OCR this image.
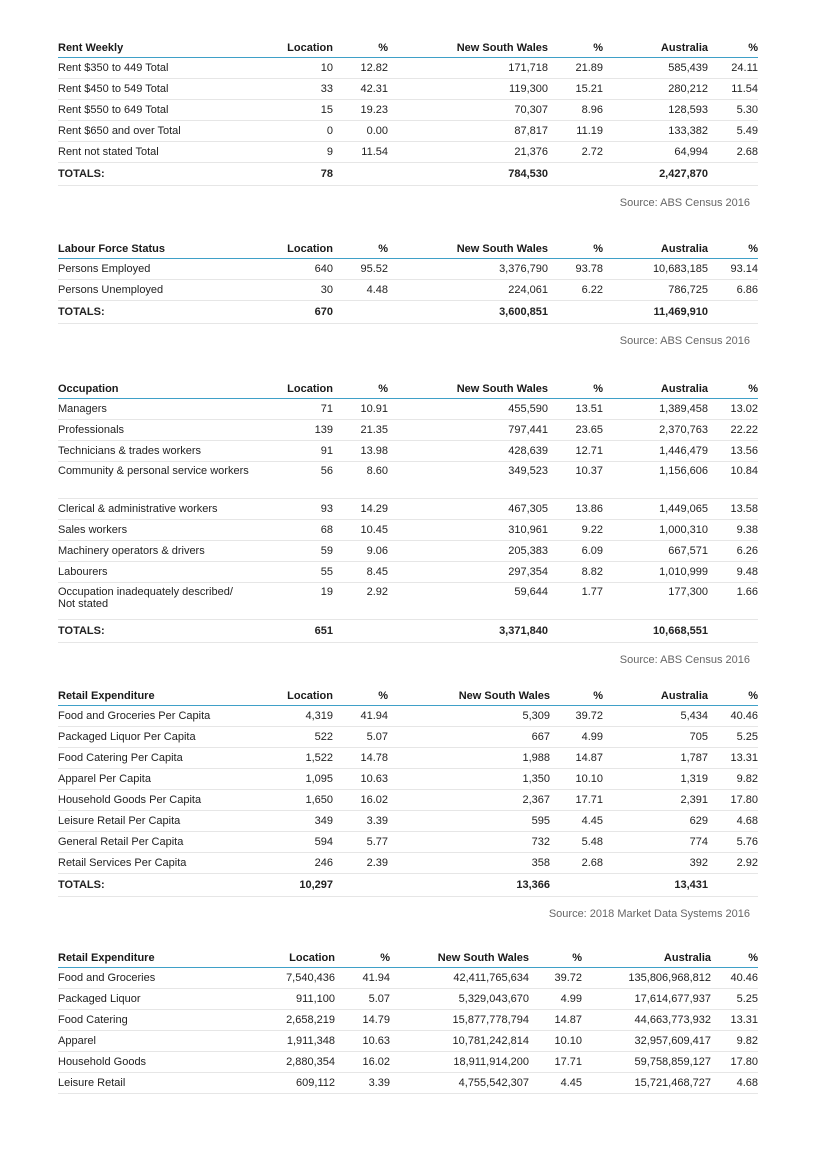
Rent Weekly	Location	%	New South Wales	%	Australia	%
Rent $350 to 449 Total	10	12.82	171,718	21.89	585,439	24.11
Rent $450 to 549 Total	33	42.31	119,300	15.21	280,212	11.54
Rent $550 to 649 Total	15	19.23	70,307	8.96	128,593	5.30
Rent $650 and over Total	0	0.00	87,817	11.19	133,382	5.49
Rent not stated Total	9	11.54	21,376	2.72	64,994	2.68
TOTALS:	78		784,530		2,427,870	
Source: ABS Census 2016
Labour Force Status	Location	%	New South Wales	%	Australia	%
Persons Employed	640	95.52	3,376,790	93.78	10,683,185	93.14
Persons Unemployed	30	4.48	224,061	6.22	786,725	6.86
TOTALS:	670		3,600,851		11,469,910	
Source: ABS Census 2016
Occupation	Location	%	New South Wales	%	Australia	%
Managers	71	10.91	455,590	13.51	1,389,458	13.02
Professionals	139	21.35	797,441	23.65	2,370,763	22.22
Technicians & trades workers	91	13.98	428,639	12.71	1,446,479	13.56
Community & personal service workers	56	8.60	349,523	10.37	1,156,606	10.84
Clerical & administrative workers	93	14.29	467,305	13.86	1,449,065	13.58
Sales workers	68	10.45	310,961	9.22	1,000,310	9.38
Machinery operators & drivers	59	9.06	205,383	6.09	667,571	6.26
Labourers	55	8.45	297,354	8.82	1,010,999	9.48
Occupation inadequately described/ Not stated	19	2.92	59,644	1.77	177,300	1.66
TOTALS:	651		3,371,840		10,668,551	
Source: ABS Census 2016
Retail Expenditure	Location	%	New South Wales	%	Australia	%
Food and Groceries Per Capita	4,319	41.94	5,309	39.72	5,434	40.46
Packaged Liquor Per Capita	522	5.07	667	4.99	705	5.25
Food Catering Per Capita	1,522	14.78	1,988	14.87	1,787	13.31
Apparel Per Capita	1,095	10.63	1,350	10.10	1,319	9.82
Household Goods Per Capita	1,650	16.02	2,367	17.71	2,391	17.80
Leisure Retail Per Capita	349	3.39	595	4.45	629	4.68
General Retail Per Capita	594	5.77	732	5.48	774	5.76
Retail Services Per Capita	246	2.39	358	2.68	392	2.92
TOTALS:	10,297		13,366		13,431	
Source: 2018 Market Data Systems 2016
Retail Expenditure	Location	%	New South Wales	%	Australia	%
Food and Groceries	7,540,436	41.94	42,411,765,634	39.72	135,806,968,812	40.46
Packaged Liquor	911,100	5.07	5,329,043,670	4.99	17,614,677,937	5.25
Food Catering	2,658,219	14.79	15,877,778,794	14.87	44,663,773,932	13.31
Apparel	1,911,348	10.63	10,781,242,814	10.10	32,957,609,417	9.82
Household Goods	2,880,354	16.02	18,911,914,200	17.71	59,758,859,127	17.80
Leisure Retail	609,112	3.39	4,755,542,307	4.45	15,721,468,727	4.68
